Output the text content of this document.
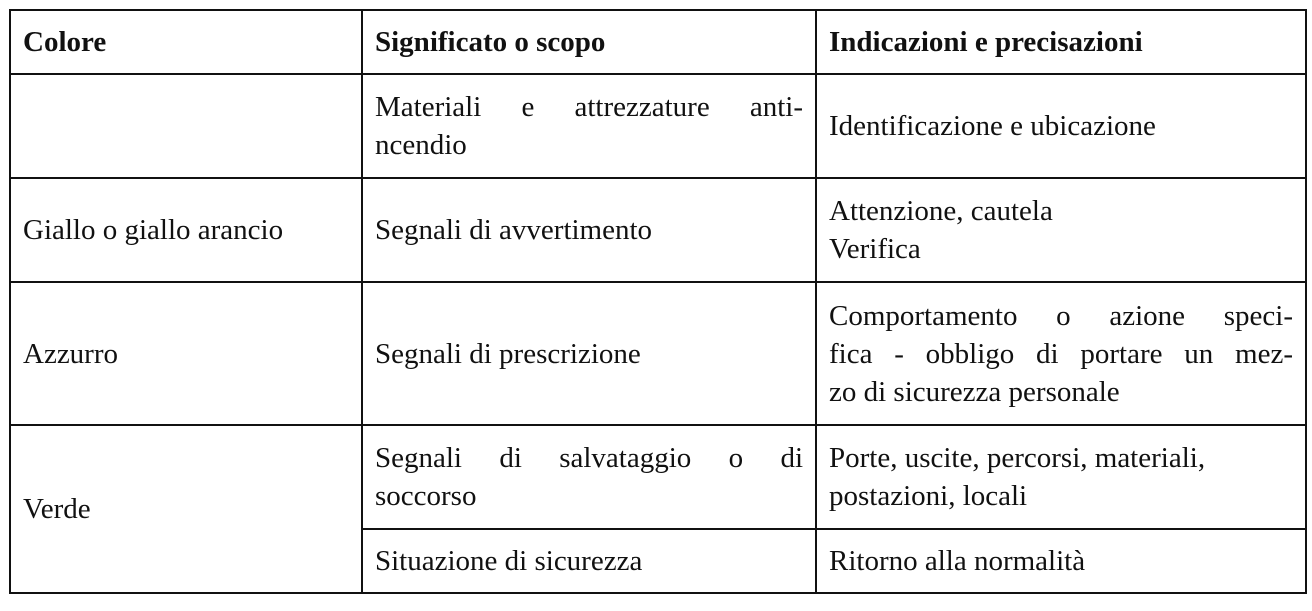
Colore	Significato o scopo	Indicazioni e precisazioni

	Materiali e attrezzature anti-
ncendio	Identificazione e ubicazione

Giallo o giallo arancio	Segnali di avvertimento	Attenzione, cautela
Verifica

Azzurro	Segnali di prescrizione	Comportamento o azione speci-
fica - obbligo di portare un mez-
zo di sicurezza personale

Verde	Segnali di salvataggio o di
soccorso	Porte, uscite, percorsi, materiali,
postazioni, locali

	Situazione di sicurezza	Ritorno alla normalità
